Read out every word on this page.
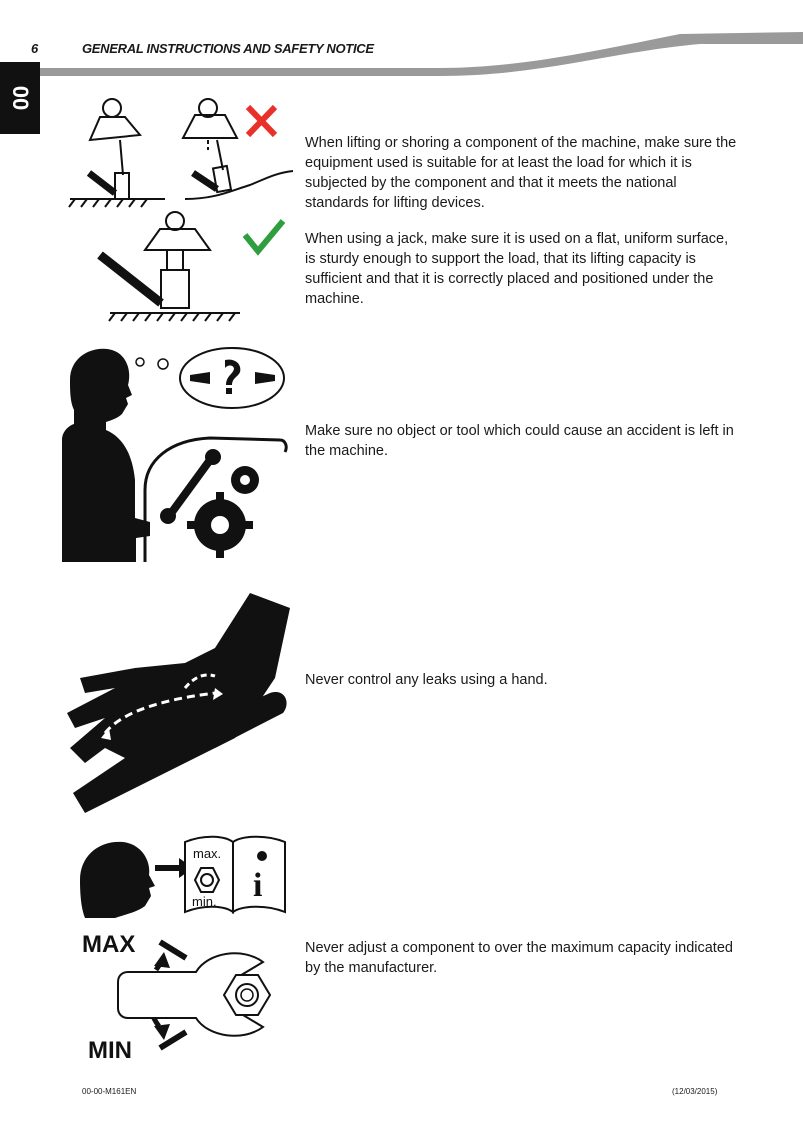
6	GENERAL INSTRUCTIONS AND SAFETY NOTICE
00

When lifting or shoring a component of the machine, make sure the equipment used is suitable for at least the load for which it is subjected by the component and that it meets the national standards for lifting devices.

When using a jack, make sure it is used on a flat, uniform surface, is sturdy enough to support the load, that its lifting capacity is sufficient and that it is correctly placed and positioned under the machine.

Make sure no object or tool which could cause an accident is left in the machine.

Never control any leaks using a hand.

max.
min. i
MAX
MIN

Never adjust a component to over the maximum capacity indicated by the manufacturer.

00-00-M161EN	(12/03/2015)
